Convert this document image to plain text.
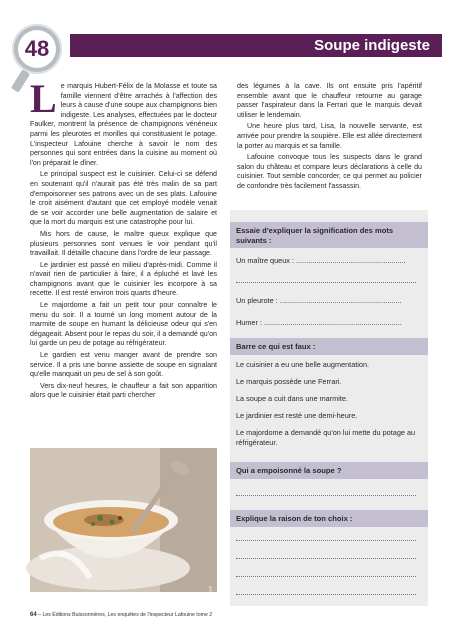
Soupe indigeste
48

Le marquis Hubert-Félix de la Molasse et toute sa famille viennent d'être arrachés à l'affection des leurs à cause d'une soupe aux champignons bien indigeste. Les analyses, effectuées par le docteur Faulker, montrent la présence de champignons vénéneux parmi les pleurotes et morilles qui constituaient le potage. L'inspecteur Lafouine cherche à savoir le nom des personnes qui sont entrées dans la cuisine au moment où l'on préparait le dîner.

Le principal suspect est le cuisinier. Celui-ci se défend en soutenant qu'il n'aurait pas été très malin de sa part d'empoisonner ses patrons avec un de ses plats. Lafouine le croit aisément d'autant que cet employé modèle venait de se voir accorder une belle augmentation de salaire et que la mort du marquis est une catastrophe pour lui.

Mis hors de cause, le maître queux explique que plusieurs personnes sont venues le voir pendant qu'il travaillait. Il détaille chacune dans l'ordre de leur passage.

Le jardinier est passé en milieu d'après-midi. Comme il n'avait rien de particulier à faire, il a épluché et lavé les champignons avant que le cuisinier les incorpore à sa recette. Il est resté environ trois quarts d'heure.

Le majordome a fait un petit tour pour connaître le menu du soir. Il a tourné un long moment autour de la marmite de soupe en humant la délicieuse odeur qui s'en dégageait. Absent pour le repas du soir, il a demandé qu'on lui garde un peu de potage au réfrigérateur.

Le gardien est venu manger avant de prendre son service. Il a pris une bonne assiette de soupe en signalant qu'elle manquait un peu de sel à son goût.

Vers dix-neuf heures, le chauffeur a fait son apparition alors que le cuisinier était parti chercher

© Adobe Stock

des légumes à la cave. Ils ont ensuite pris l'apéritif ensemble avant que le chauffeur retourne au garage passer l'aspirateur dans la Ferrari que le marquis devait utiliser le lendemain.

Une heure plus tard, Lisa, la nouvelle servante, est arrivée pour prendre la soupière. Elle est allée directement la porter au marquis et sa famille.

Lafouine convoque tous les suspects dans le grand salon du château et compare leurs déclarations à celle du cuisinier. Tout semble concorder, ce qui permet au policier de confondre très facilement l'assassin.

Essaie d'expliquer la signification des mots suivants :
Un maître queux : ......................................................
Un pleurote : ............................................................
Humer : ....................................................................
Barre ce qui est faux :
Le cuisinier a eu une belle augmentation.
Le marquis possède une Ferrari.
La soupe a cuit dans une marmite.
Le jardinier est resté une demi-heure.
Le majordome a demandé qu'on lui mette du potage au réfrigérateur.
Qui a empoisonné la soupe ?
Explique la raison de ton choix :
64 – Les Éditions Buissonnières, Les enquêtes de l'inspecteur Lafouine tome 2
